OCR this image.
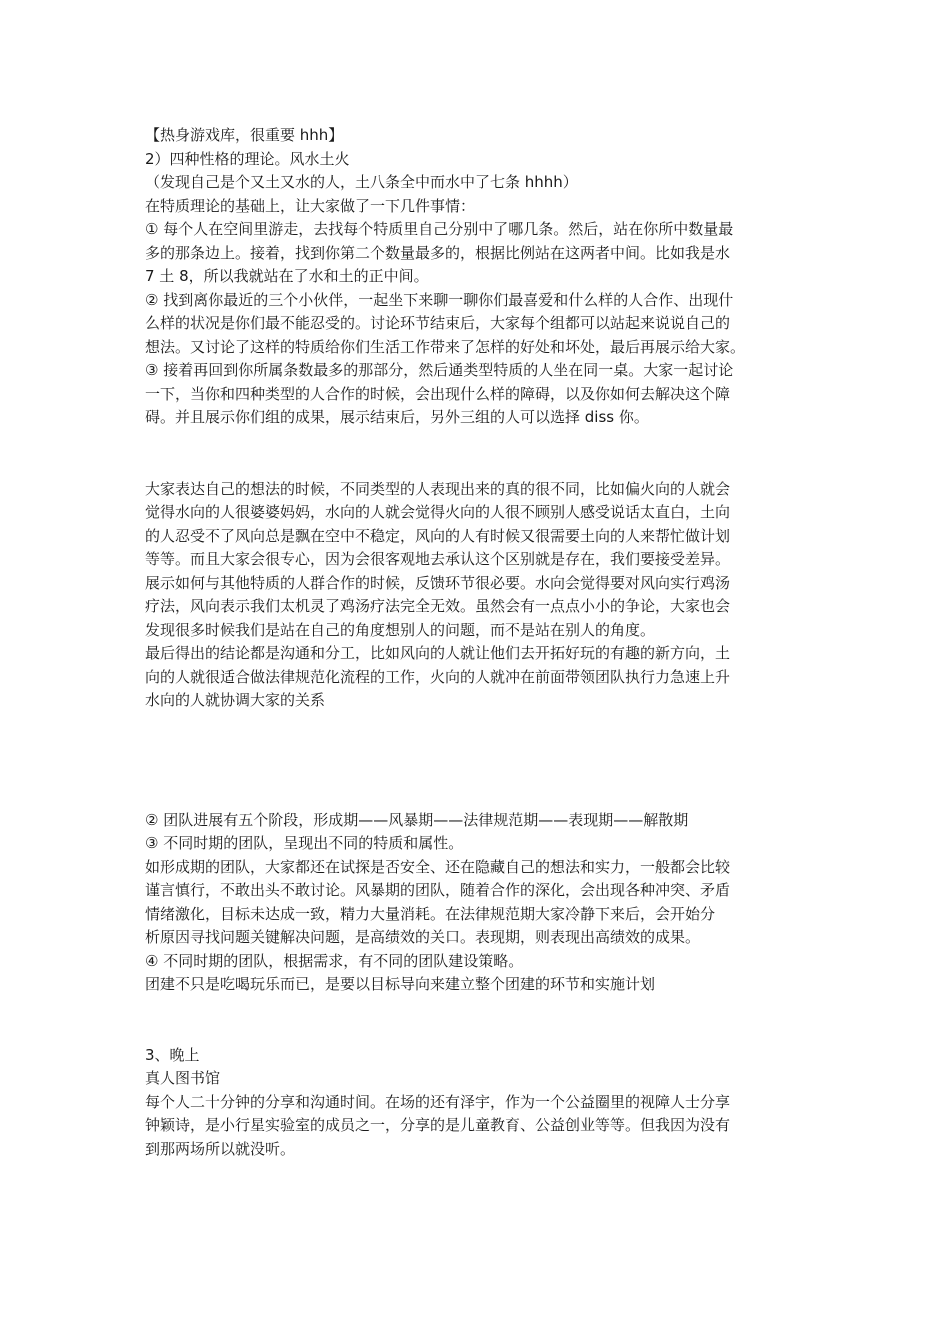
【热身游戏库，很重要 hhh】

2）四种性格的理论。风水土火

（发现自己是个又土又水的人，土八条全中而水中了七条 hhhh）

在特质理论的基础上，让大家做了一下几件事情：

① 每个人在空间里游走，去找每个特质里自己分别中了哪几条。然后，站在你所中数量最

多的那条边上。接着，找到你第二个数量最多的，根据比例站在这两者中间。比如我是水

7 土 8，所以我就站在了水和土的正中间。

② 找到离你最近的三个小伙伴，一起坐下来聊一聊你们最喜爱和什么样的人合作、出现什

么样的状况是你们最不能忍受的。讨论环节结束后，大家每个组都可以站起来说说自己的

想法。又讨论了这样的特质给你们生活工作带来了怎样的好处和坏处，最后再展示给大家。

③ 接着再回到你所属条数最多的那部分，然后通类型特质的人坐在同一桌。大家一起讨论

一下，当你和四种类型的人合作的时候，会出现什么样的障碍，以及你如何去解决这个障

碍。并且展示你们组的成果，展示结束后，另外三组的人可以选择 diss 你。

大家表达自己的想法的时候，不同类型的人表现出来的真的很不同，比如偏火向的人就会

觉得水向的人很婆婆妈妈，水向的人就会觉得火向的人很不顾别人感受说话太直白，土向

的人忍受不了风向总是飘在空中不稳定，风向的人有时候又很需要土向的人来帮忙做计划

等等。而且大家会很专心，因为会很客观地去承认这个区别就是存在，我们要接受差异。

展示如何与其他特质的人群合作的时候，反馈环节很必要。水向会觉得要对风向实行鸡汤

疗法，风向表示我们太机灵了鸡汤疗法完全无效。虽然会有一点点小小的争论，大家也会

发现很多时候我们是站在自己的角度想别人的问题，而不是站在别人的角度。

最后得出的结论都是沟通和分工，比如风向的人就让他们去开拓好玩的有趣的新方向，土

向的人就很适合做法律规范化流程的工作，火向的人就冲在前面带领团队执行力急速上升

水向的人就协调大家的关系

② 团队进展有五个阶段，形成期——风暴期——法律规范期——表现期——解散期

③ 不同时期的团队，呈现出不同的特质和属性。

如形成期的团队，大家都还在试探是否安全、还在隐藏自己的想法和实力，一般都会比较

谨言慎行，不敢出头不敢讨论。风暴期的团队，随着合作的深化，会出现各种冲突、矛盾

情绪激化，目标未达成一致，精力大量消耗。在法律规范期大家冷静下来后，会开始分

析原因寻找问题关键解决问题，是高绩效的关口。表现期，则表现出高绩效的成果。

④ 不同时期的团队，根据需求，有不同的团队建设策略。

团建不只是吃喝玩乐而已，是要以目标导向来建立整个团建的环节和实施计划

3、晚上

真人图书馆

每个人二十分钟的分享和沟通时间。在场的还有泽宇，作为一个公益圈里的视障人士分享

钟颖诗，是小行星实验室的成员之一，分享的是儿童教育、公益创业等等。但我因为没有

到那两场所以就没听。
